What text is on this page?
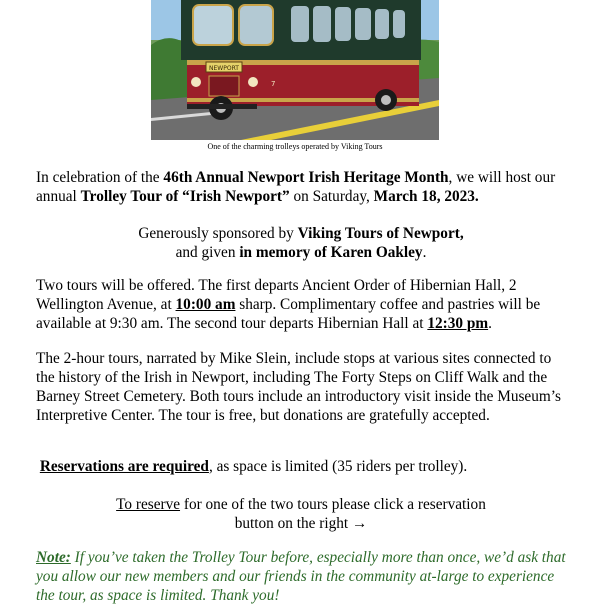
NEWPORT
7
One of the charming trolleys operated by Viking Tours
In celebration of the 46th Annual Newport Irish Heritage Month, we will host our annual Trolley Tour of “Irish Newport” on Saturday, March 18, 2023.
Generously sponsored by Viking Tours of Newport,
and given in memory of Karen Oakley.
Two tours will be offered. The first departs Ancient Order of Hibernian Hall, 2 Wellington Avenue, at 10:00 am sharp. Complimentary coffee and pastries will be available at 9:30 am. The second tour departs Hibernian Hall at 12:30 pm.
The 2-hour tours, narrated by Mike Slein, include stops at various sites connected to the history of the Irish in Newport, including The Forty Steps on Cliff Walk and the Barney Street Cemetery. Both tours include an introductory visit inside the Museum’s Interpretive Center. The tour is free, but donations are gratefully accepted.
Reservations are required, as space is limited (35 riders per trolley).
To reserve for one of the two tours please click a reservation
button on the right →
Note: If you’ve taken the Trolley Tour before, especially more than once, we’d ask that you allow our new members and our friends in the community at-large to experience the tour, as space is limited. Thank you!
